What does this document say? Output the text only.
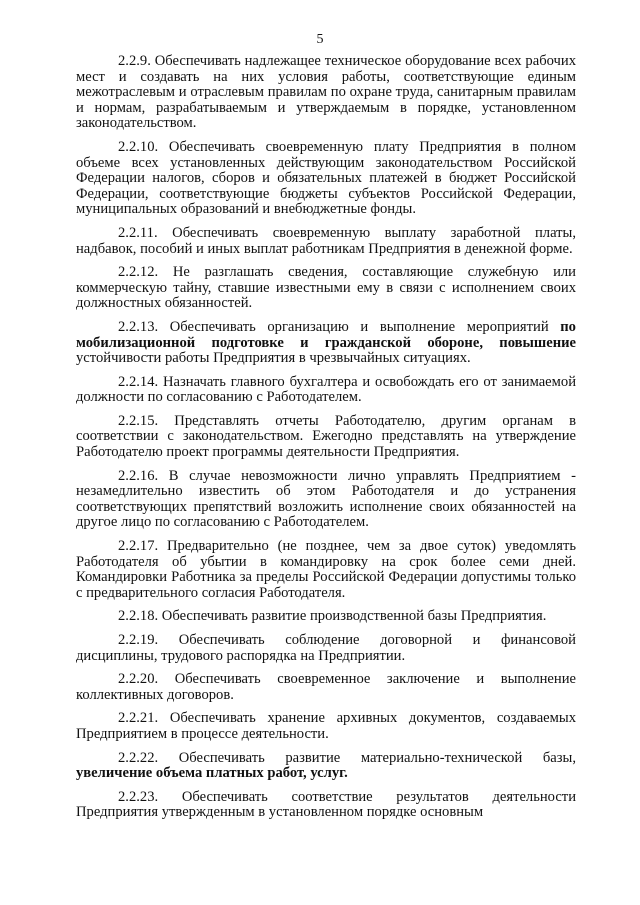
5

2.2.9. Обеспечивать надлежащее техническое оборудование всех рабочих мест и создавать на них условия работы, соответствующие единым межотраслевым и отраслевым правилам по охране труда, санитарным правилам и нормам, разрабатываемым и утверждаемым в порядке, установленном законодательством.

2.2.10. Обеспечивать своевременную плату Предприятия в полном объеме всех установленных действующим законодательством Российской Федерации налогов, сборов и обязательных платежей в бюджет Российской Федерации, соответствующие бюджеты субъектов Российской Федерации, муниципальных образований и внебюджетные фонды.

2.2.11. Обеспечивать своевременную выплату заработной платы, надбавок, пособий и иных выплат работникам Предприятия в денежной форме.

2.2.12. Не разглашать сведения, составляющие служебную или коммерческую тайну, ставшие известными ему в связи с исполнением своих должностных обязанностей.

2.2.13. Обеспечивать организацию и выполнение мероприятий по мобилизационной подготовке и гражданской обороне, повышение устойчивости работы Предприятия в чрезвычайных ситуациях.

2.2.14. Назначать главного бухгалтера и освобождать его от занимаемой должности по согласованию с Работодателем.

2.2.15. Представлять отчеты Работодателю, другим органам в соответствии с законодательством. Ежегодно представлять на утверждение Работодателю проект программы деятельности Предприятия.

2.2.16. В случае невозможности лично управлять Предприятием - незамедлительно известить об этом Работодателя и до устранения соответствующих препятствий возложить исполнение своих обязанностей на другое лицо по согласованию с Работодателем.

2.2.17. Предварительно (не позднее, чем за двое суток) уведомлять Работодателя об убытии в командировку на срок более семи дней. Командировки Работника за пределы Российской Федерации допустимы только с предварительного согласия Работодателя.

2.2.18. Обеспечивать развитие производственной базы Предприятия.

2.2.19. Обеспечивать соблюдение договорной и финансовой дисциплины, трудового распорядка на Предприятии.

2.2.20. Обеспечивать своевременное заключение и выполнение коллективных договоров.

2.2.21. Обеспечивать хранение архивных документов, создаваемых Предприятием в процессе деятельности.

2.2.22. Обеспечивать развитие материально-технической базы, увеличение объема платных работ, услуг.

2.2.23. Обеспечивать соответствие результатов деятельности Предприятия утвержденным в установленном порядке основным
